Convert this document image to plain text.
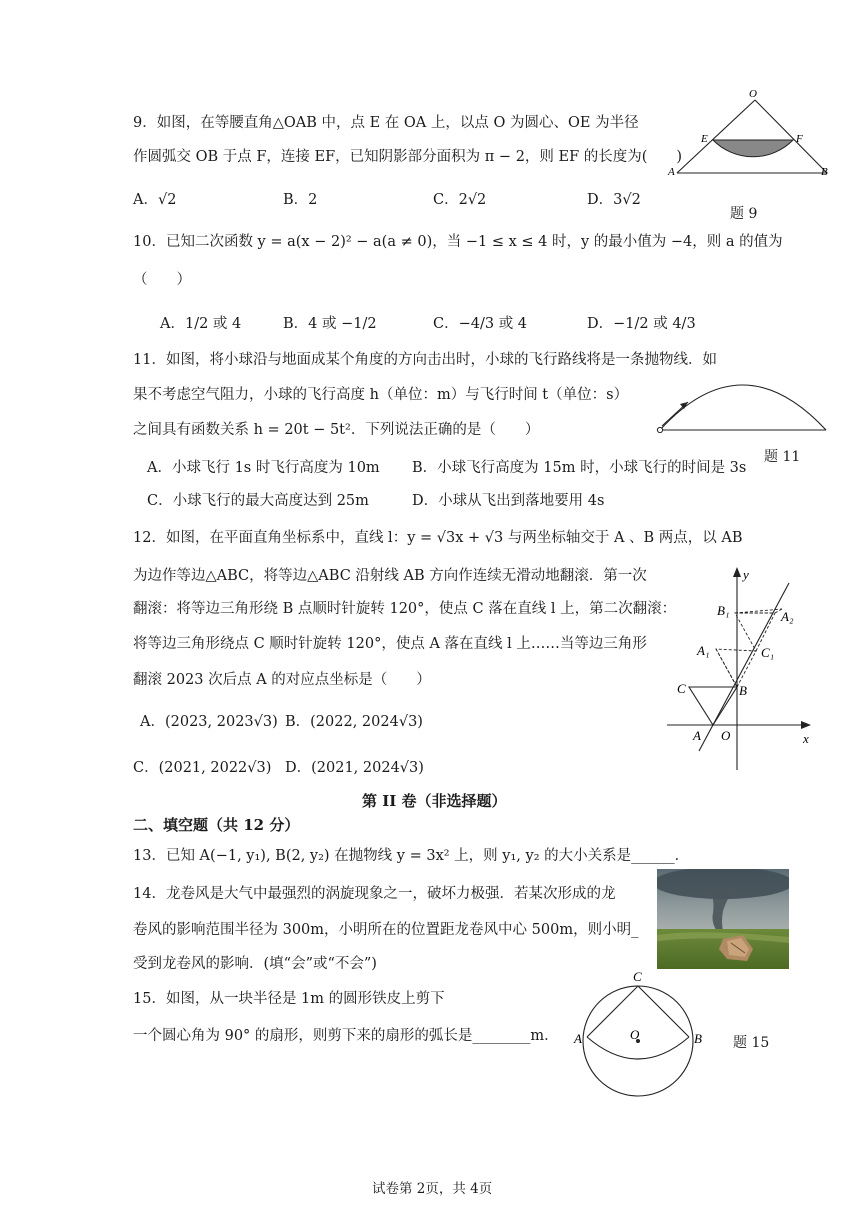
9．如图，在等腰直角△OAB 中，点 E 在 OA 上，以点 O 为圆心、OE 为半径
作圆弧交 OB 于点 F，连接 EF，已知阴影部分面积为 π − 2，则 EF 的长度为(　　)
A．√2	B．2	C．2√2	D．3√2
O
E	F
A	B
题 9
10．已知二次函数 y = a(x − 2)² − a(a ≠ 0)，当 −1 ≤ x ≤ 4 时，y 的最小值为 −4，则 a 的值为
（　　）
A．1/2 或 4	B．4 或 −1/2	C．−4/3 或 4	D．−1/2 或 4/3
11．如图，将小球沿与地面成某个角度的方向击出时，小球的飞行路线将是一条抛物线．如
果不考虑空气阻力，小球的飞行高度 h（单位：m）与飞行时间 t（单位：s）
之间具有函数关系 h = 20t − 5t²．下列说法正确的是（　　）
A．小球飞行 1s 时飞行高度为 10m B．小球飞行高度为 15m 时，小球飞行的时间是 3s
C．小球飞行的最大高度达到 25m	D．小球从飞出到落地要用 4s
题 11
12．如图，在平面直角坐标系中，直线 l：y = √3x + √3 与两坐标轴交于 A 、B 两点，以 AB
为边作等边△ABC，将等边△ABC 沿射线 AB 方向作连续无滑动地翻滚．第一次
翻滚：将等边三角形绕 B 点顺时针旋转 120°，使点 C 落在直线 l 上，第二次翻滚：
将等边三角形绕点 C 顺时针旋转 120°，使点 A 落在直线 l 上……当等边三角形
翻滚 2023 次后点 A 的对应点坐标是（　　）
A．(2023, 2023√3) B．(2022, 2024√3)
C．(2021, 2022√3) D．(2021, 2024√3)
y
x
B₁	A₂
A₁	C₁
C	B
A O
第 II 卷（非选择题）
二、填空题（共 12 分）
13．已知 A(−1, y₁), B(2, y₂) 在抛物线 y = 3x² 上，则 y₁, y₂ 的大小关系是______．
14．龙卷风是大气中最强烈的涡旋现象之一，破坏力极强．若某次形成的龙
卷风的影响范围半径为 300m，小明所在的位置距龙卷风中心 500m，则小明_
受到龙卷风的影响．(填“会”或“不会”)
15．如图，从一块半径是 1m 的圆形铁皮上剪下
一个圆心角为 90° 的扇形，则剪下来的扇形的弧长是________m．
C
O
A	B 题 15
试卷第 2页，共 4页
